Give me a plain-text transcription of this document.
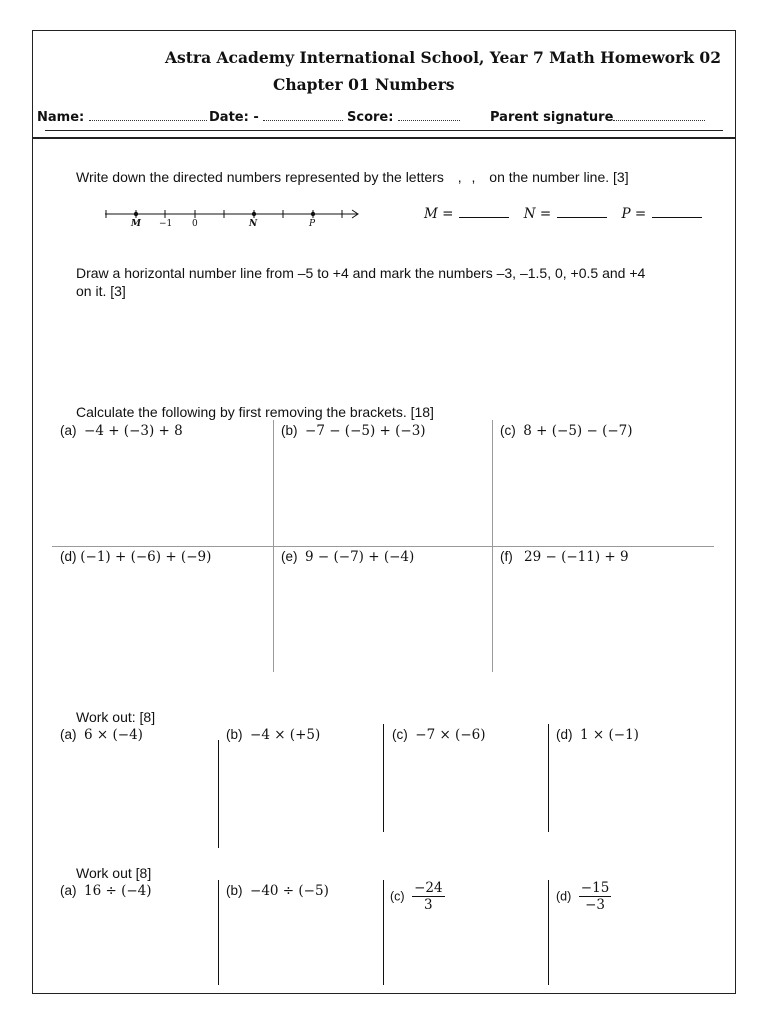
Astra Academy International School, Year 7 Math Homework 02
Chapter 01 Numbers
Name:	Date: -	Score:	Parent signature
Write down the directed numbers represented by the letters , , on the number line. [3]
M −1 0	N	P
M =	N =	P =
Draw a horizontal number line from –5 to +4 and mark the numbers –3, –1.5, 0, +0.5 and +4
on it. [3]
Calculate the following by first removing the brackets. [18]
(a) −4 + (−3) + 8	(b) −7 − (−5) + (−3)	(c) 8 + (−5) − (−7)
(d) (−1) + (−6) + (−9)	(e) 9 − (−7) + (−4)	(f) 29 − (−11) + 9
Work out: [8]
(a) 6 × (−4)	(b) −4 × (+5)	(c) −7 × (−6)	(d) 1 × (−1)
Work out [8]
(a) 16 ÷ (−4)	(b) −40 ÷ (−5)	$(c) \frac{-24}{3}$	$(d) \frac{-15}{-3}$
